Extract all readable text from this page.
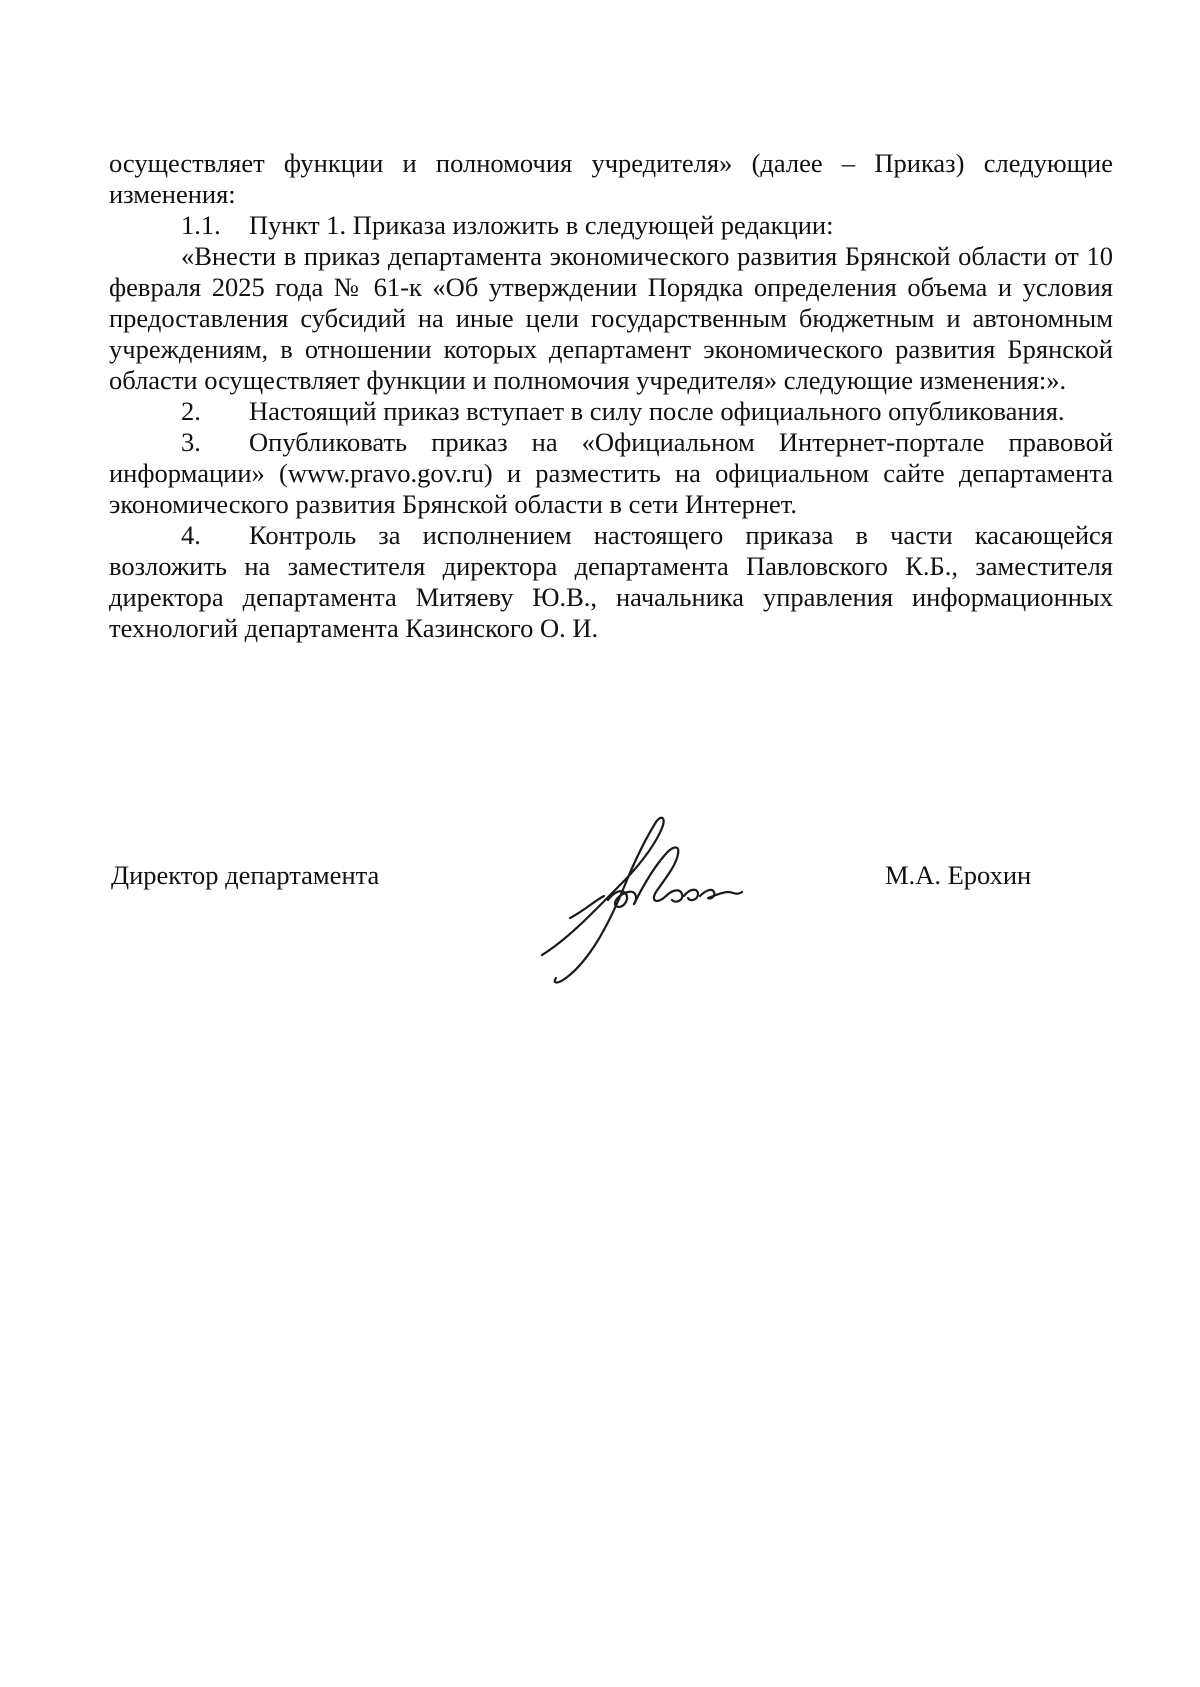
осуществляет функции и полномочия учредителя» (далее – Приказ) следующие изменения:

1.1. Пункт 1. Приказа изложить в следующей редакции:

«Внести в приказ департамента экономического развития Брянской области от 10 февраля 2025 года № 61-к «Об утверждении Порядка определения объема и условия предоставления субсидий на иные цели государственным бюджетным и автономным учреждениям, в отношении которых департамент экономического развития Брянской области осуществляет функции и полномочия учредителя» следующие изменения:».

2. Настоящий приказ вступает в силу после официального опубликования.

3. Опубликовать приказ на «Официальном Интернет-портале правовой информации» (www.pravo.gov.ru) и разместить на официальном сайте департамента экономического развития Брянской области в сети Интернет.

4. Контроль за исполнением настоящего приказа в части касающейся возложить на заместителя директора департамента Павловского К.Б., заместителя директора департамента Митяеву Ю.В., начальника управления информационных технологий департамента Казинского О. И.

Директор департамента	М.А. Ерохин
